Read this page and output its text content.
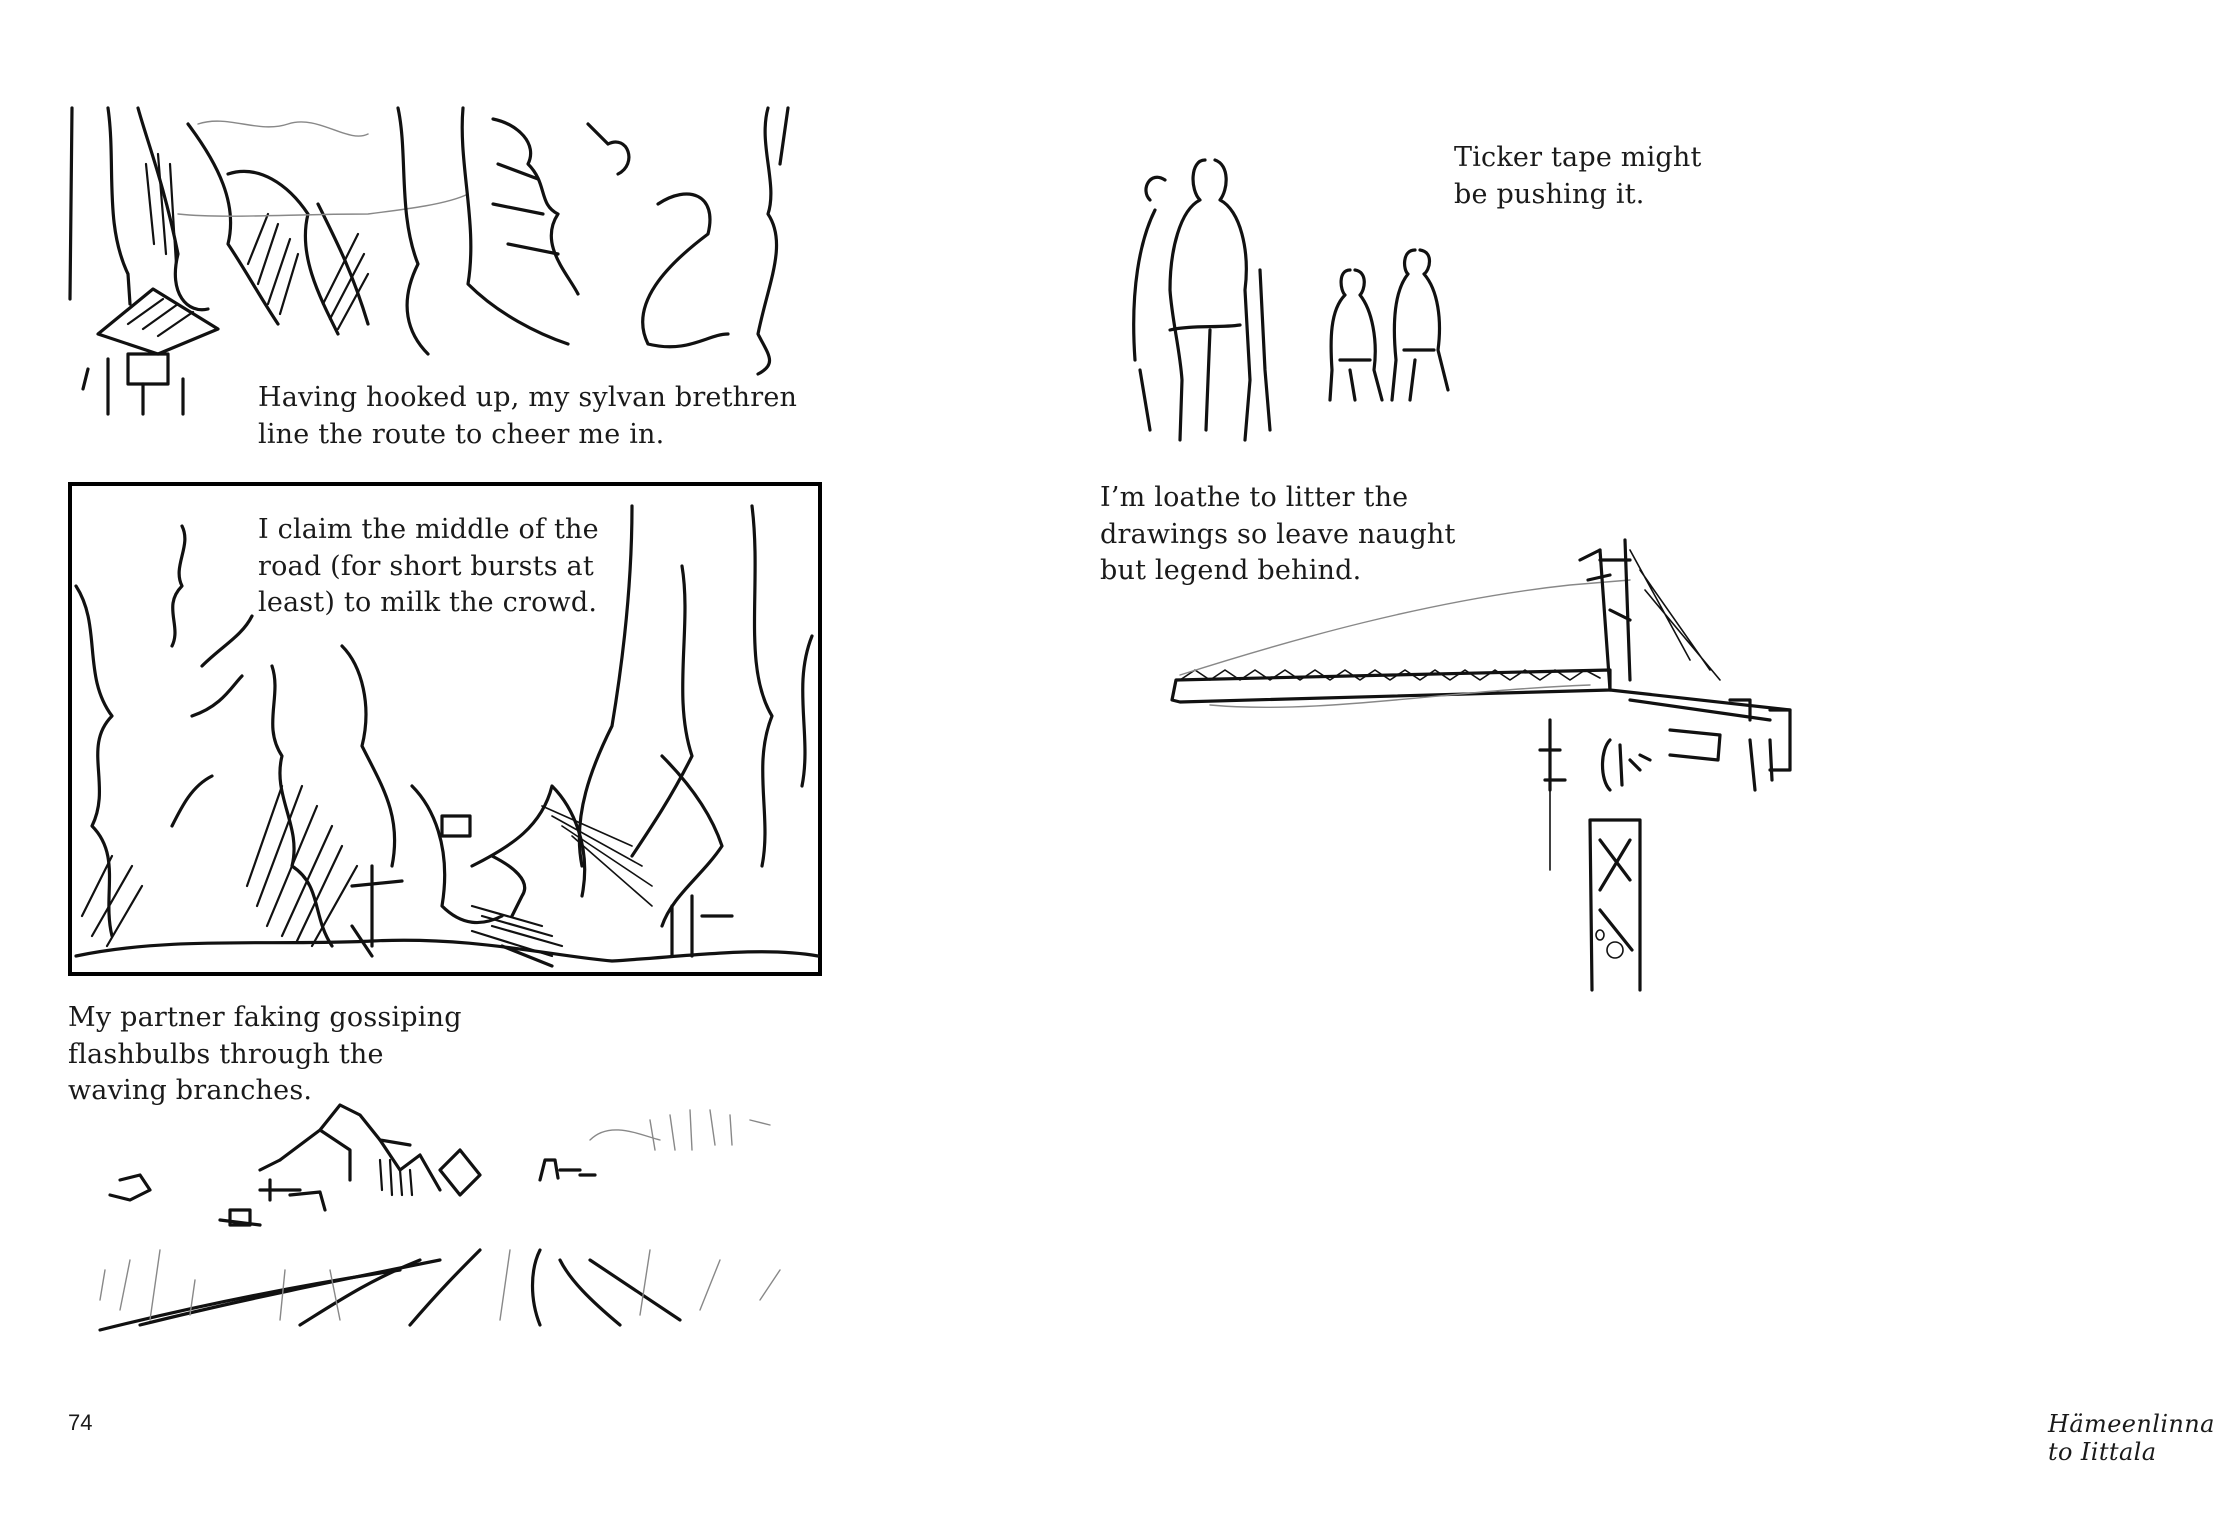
Having hooked up, my sylvan brethren
line the route to cheer me in.
I claim the middle of the
road (for short bursts at
least) to milk the crowd.
My partner faking gossiping
flashbulbs through the
waving branches.
74
Ticker tape might
be pushing it.
I’m loathe to litter the
drawings so leave naught
but legend behind.
Hämeenlinna to Iittala
